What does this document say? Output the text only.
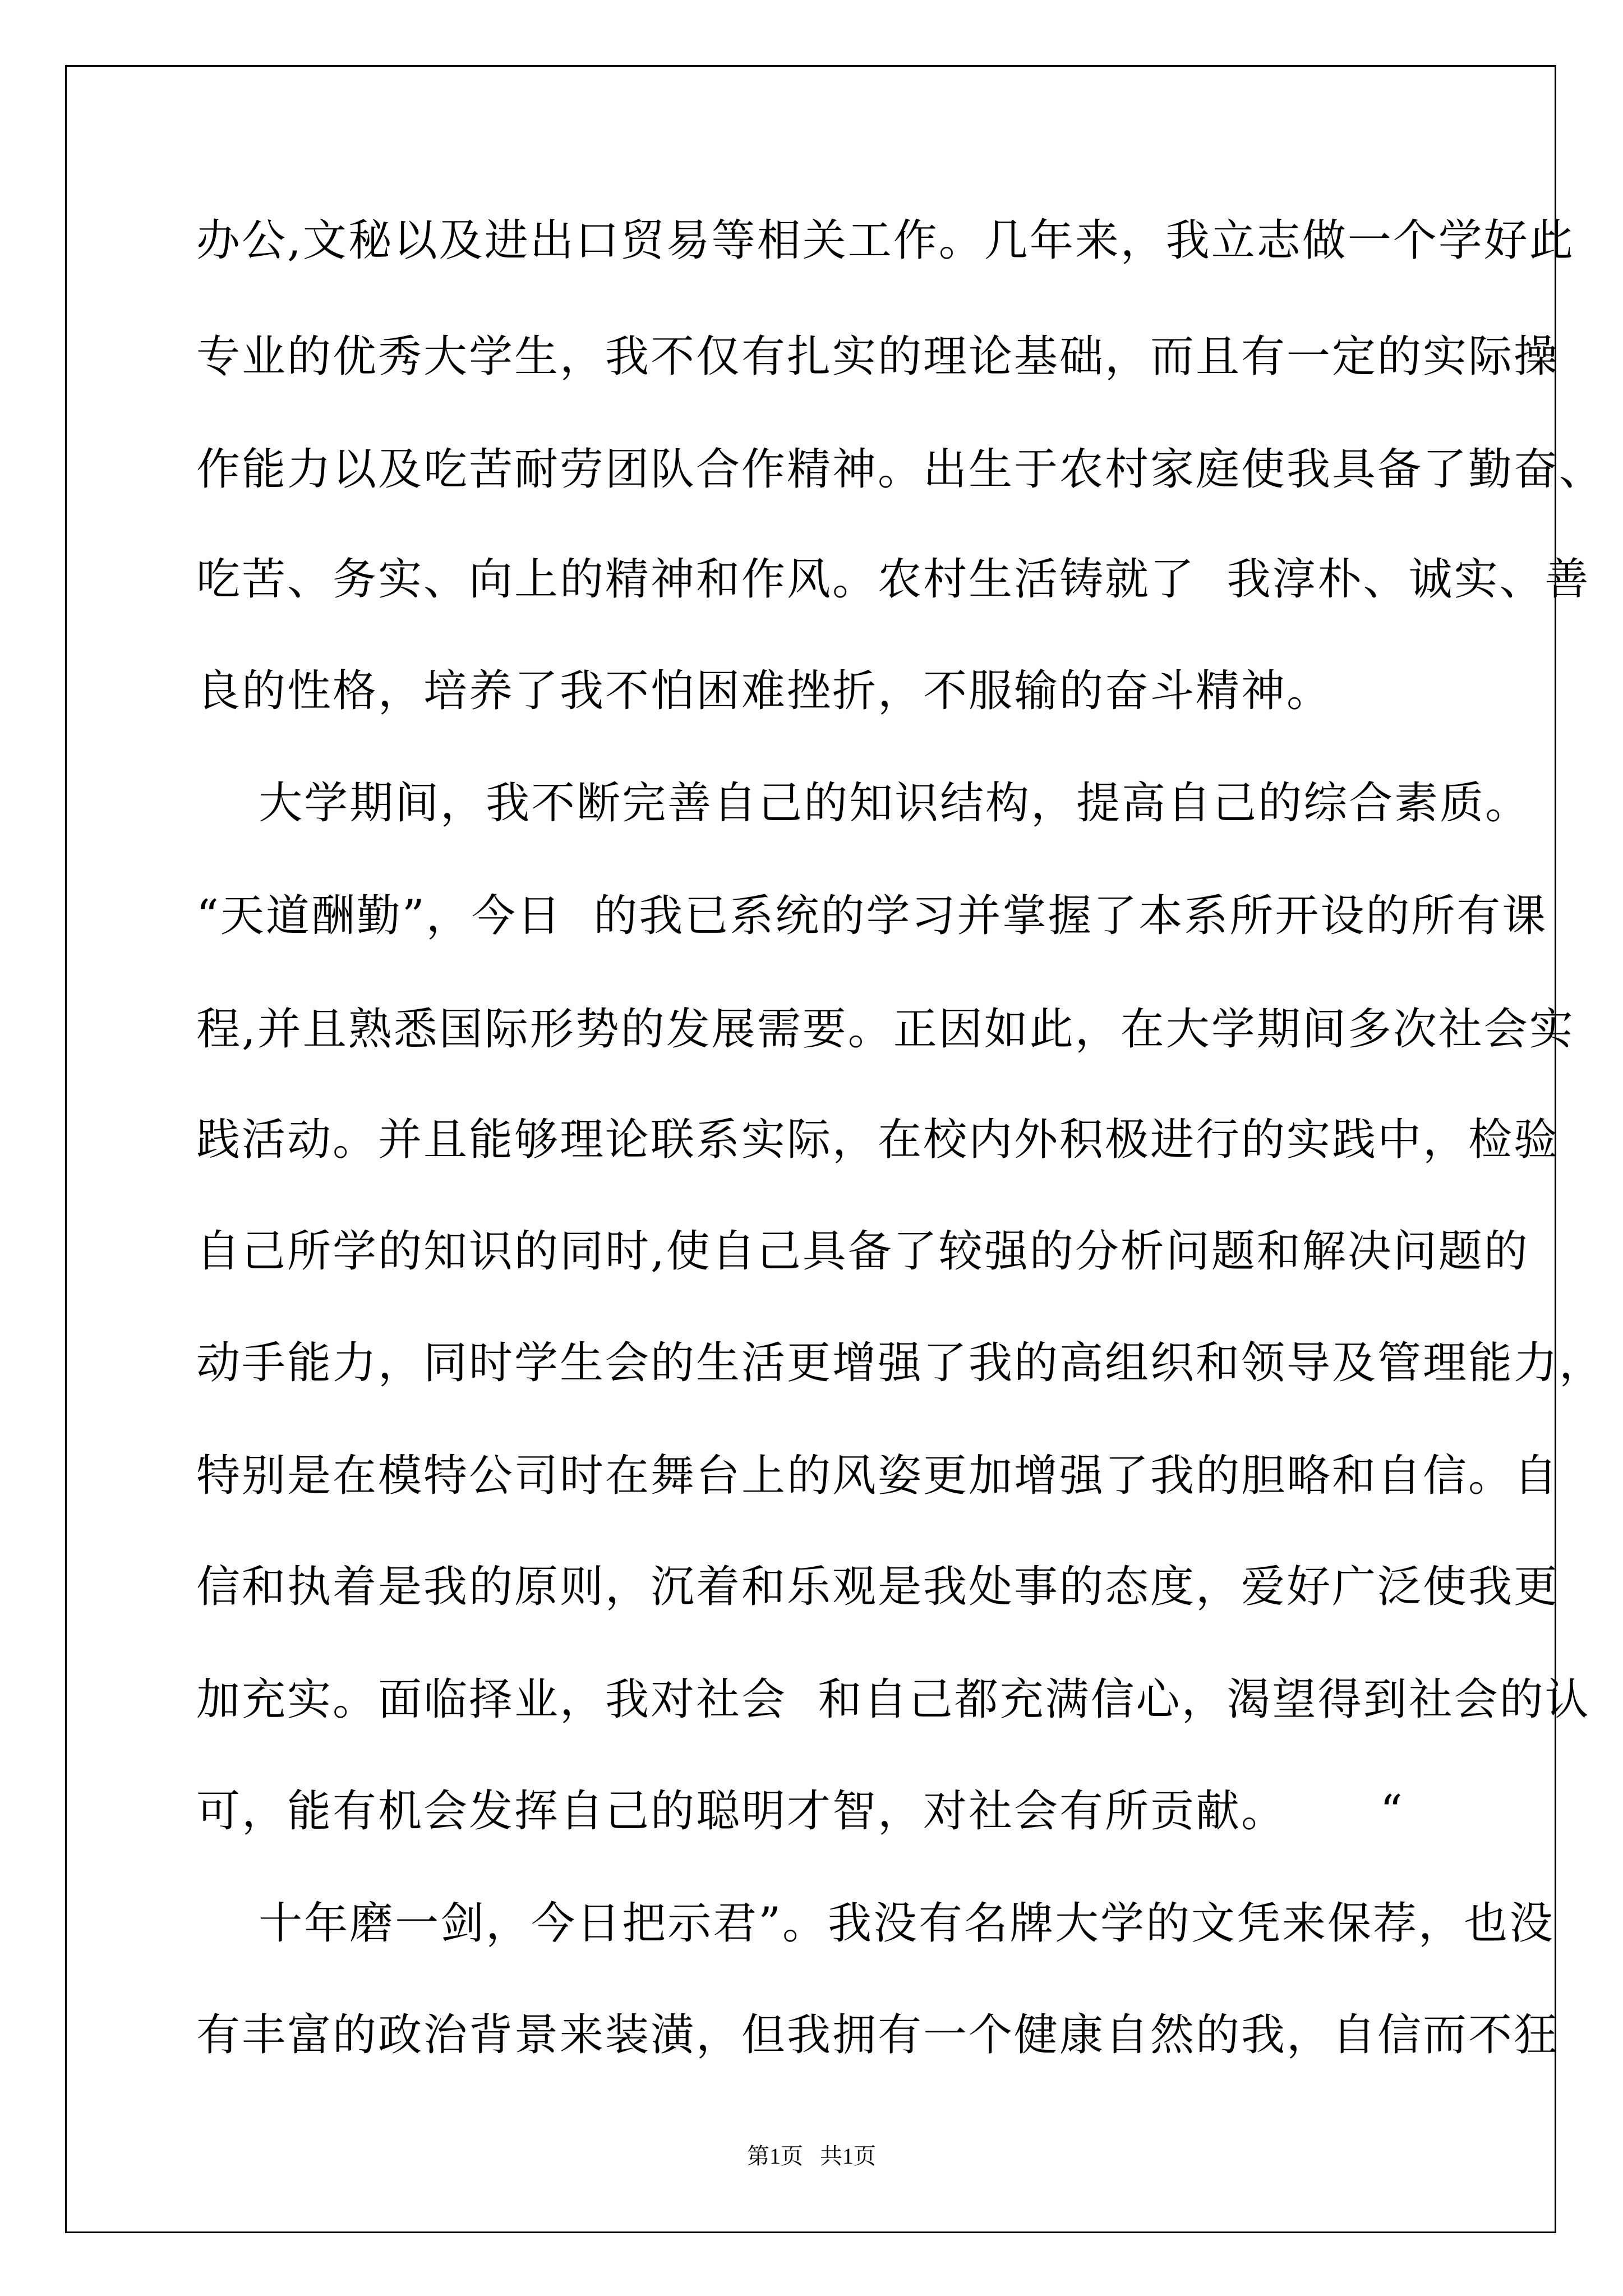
办公,文秘以及进出口贸易等相关工作。几年来，我立志做一个学好此
专业的优秀大学生，我不仅有扎实的理论基础，而且有一定的实际操
作能力以及吃苦耐劳团队合作精神。出生于农村家庭使我具备了勤奋、
吃苦、务实、向上的精神和作风。农村生活铸就了  我淳朴、诚实、善
良的性格，培养了我不怕困难挫折，不服输的奋斗精神。
大学期间，我不断完善自己的知识结构，提高自己的综合素质。
“天道酬勤”，今日  的我已系统的学习并掌握了本系所开设的所有课
程,并且熟悉国际形势的发展需要。正因如此，在大学期间多次社会实
践活动。并且能够理论联系实际，在校内外积极进行的实践中，检验
自己所学的知识的同时,使自己具备了较强的分析问题和解决问题的
动手能力，同时学生会的生活更增强了我的高组织和领导及管理能力，
特别是在模特公司时在舞台上的风姿更加增强了我的胆略和自信。自
信和执着是我的原则，沉着和乐观是我处事的态度，爱好广泛使我更
加充实。面临择业，我对社会  和自己都充满信心，渴望得到社会的认
可，能有机会发挥自己的聪明才智，对社会有所贡献。      “
十年磨一剑，今日把示君”。我没有名牌大学的文凭来保荐，也没
有丰富的政治背景来装潢，但我拥有一个健康自然的我，自信而不狂
第1页   共1页
